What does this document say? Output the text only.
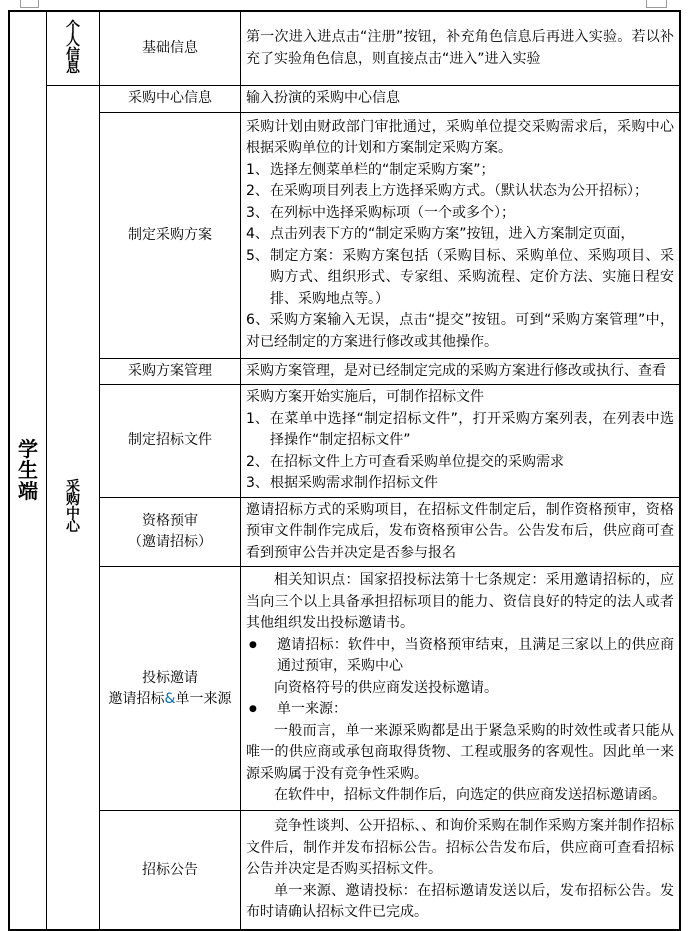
学
生
端
个
人
信
息
采
购
中
心
基础信息
第一次进入进点击“注册”按钮，补充角色信息后再进入实验。若以补充了实验角色信息，则直接点击“进入”进入实验
采购中心信息 输入扮演的采购中心信息
制定采购方案
采购计划由财政部门审批通过，采购单位提交采购需求后，采购中心根据采购单位的计划和方案制定采购方案。
1、 选择左侧菜单栏的“制定采购方案”；
2、 在采购项目列表上方选择采购方式。（默认状态为公开招标）；
3、 在列标中选择采购标项（一个或多个）；
4、 点击列表下方的“制定采购方案”按钮，进入方案制定页面，
5、 制定方案：采购方案包括（采购目标、采购单位、采购项目、采购方式、组织形式、专家组、采购流程、定价方法、实施日程安排、采购地点等。）
6、采购方案输入无误，点击“提交”按钮。可到“采购方案管理”中，对已经制定的方案进行修改或其他操作。
采购方案管理 采购方案管理，是对已经制定完成的采购方案进行修改或执行、查看
制定招标文件
采购方案开始实施后，可制作招标文件
1、 在菜单中选择“制定招标文件”，打开采购方案列表，在列表中选择操作“制定招标文件”
2、 在招标文件上方可查看采购单位提交的采购需求
3、 根据采购需求制作招标文件
资格预审
（邀请招标）
邀请招标方式的采购项目，在招标文件制定后，制作资格预审，资格预审文件制作完成后，发布资格预审公告。公告发布后，供应商可查看到预审公告并决定是否参与报名
投标邀请
邀请招标&单一来源
相关知识点：国家招投标法第十七条规定：采用邀请招标的，应当向三个以上具备承担招标项目的能力、资信良好的特定的法人或者其他组织发出投标邀请书。
●	邀请招标：软件中，当资格预审结束，且满足三家以上的供应商通过预审，采购中心
向资格符号的供应商发送投标邀请。
●	单一来源：
一般而言，单一来源采购都是出于紧急采购的时效性或者只能从唯一的供应商或承包商取得货物、工程或服务的客观性。因此单一来源采购属于没有竞争性采购。
在软件中，招标文件制作后，向选定的供应商发送招标邀请函。
招标公告
竞争性谈判、公开招标、、和询价采购在制作采购方案并制作招标文件后，制作并发布招标公告。招标公告发布后，供应商可查看招标公告并决定是否购买招标文件。
单一来源、邀请投标：在招标邀请发送以后，发布招标公告。发布时请确认招标文件已完成。
